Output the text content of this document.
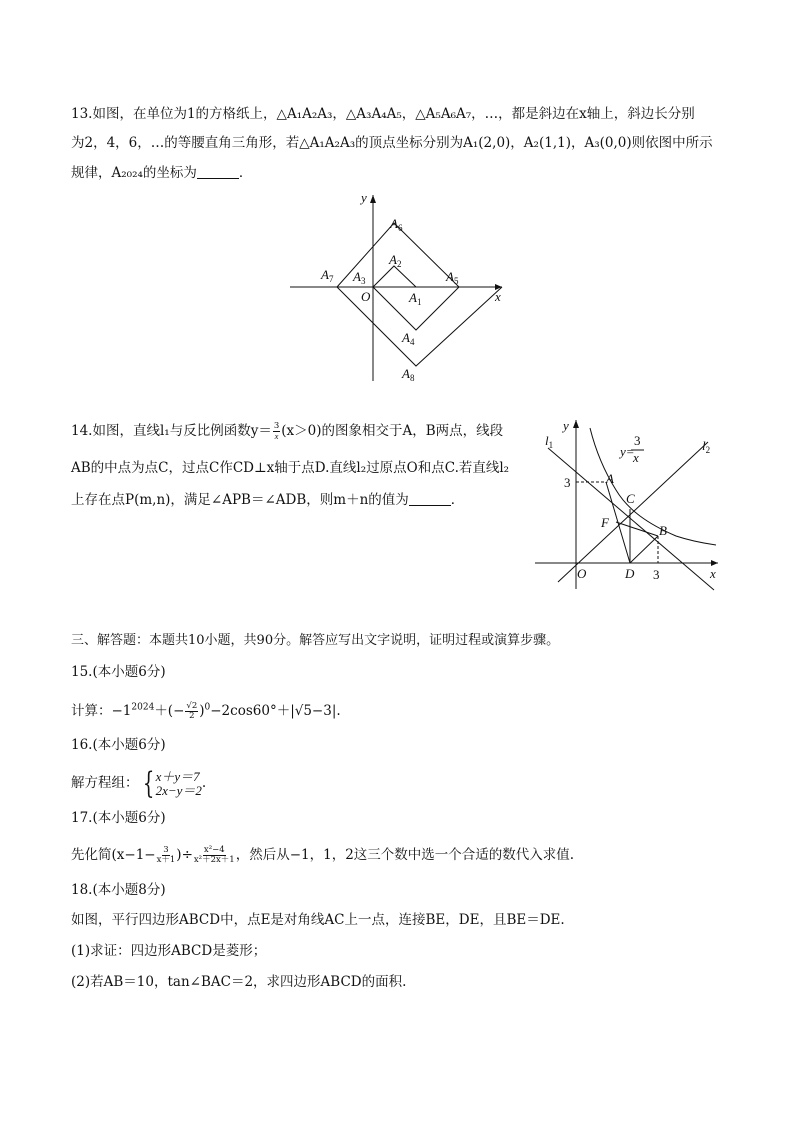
13.如图，在单位为1的方格纸上，△A₁A₂A₃，△A₃A₄A₅，△A₅A₆A₇，…，都是斜边在x轴上，斜边长分别
为2，4，6，…的等腰直角三角形，若△A₁A₂A₃的顶点坐标分别为A₁(2,0)，A₂(1,1)，A₃(0,0)则依图中所示
规律，A₂₀₂₄的坐标为	．
y
x
O	$A_1$
$A_2$
$A_3$
$A_4$
$A_5$
$A_6$
$A_7$
$A_8$
14.如图，直线l₁与反比例函数$y= \frac{3}{x} (x>0)$的图象相交于A，B两点，线段
AB的中点为点C，过点C作CD⊥x轴于点D.直线l₂过原点O和点C.若直线l₂
上存在点P(m,n)，满足∠APB＝∠ADB，则m＋n的值为	．
y
x
O	D 3
3	A
B
C
F
$l_1$	$l_2$
y=
3
x
三、解答题：本题共10小题，共90分。解答应写出文字说明，证明过程或演算步骤。
15.(本小题6分)
计算：$-1^{2024}+(- \frac{√2}{2} )^0-2\cos 60^\circ+|√5-3|$.
16.(本小题6分)
解方程组： { x＋y＝7
2x−y＝2 .
17.(本小题6分)
先化简($x-1- \frac{3}{x+1}$ )÷ $\frac{\text{x²−4}}{\text{x²＋2x＋1}}$ ，然后从−1，1，2这三个数中选一个合适的数代入求值.
18.(本小题8分)
如图，平行四边形ABCD中，点E是对角线AC上一点，连接BE，DE，且BE＝DE.
(1)求证：四边形ABCD是菱形；
(2)若AB＝10，tan∠BAC＝2，求四边形ABCD的面积.
